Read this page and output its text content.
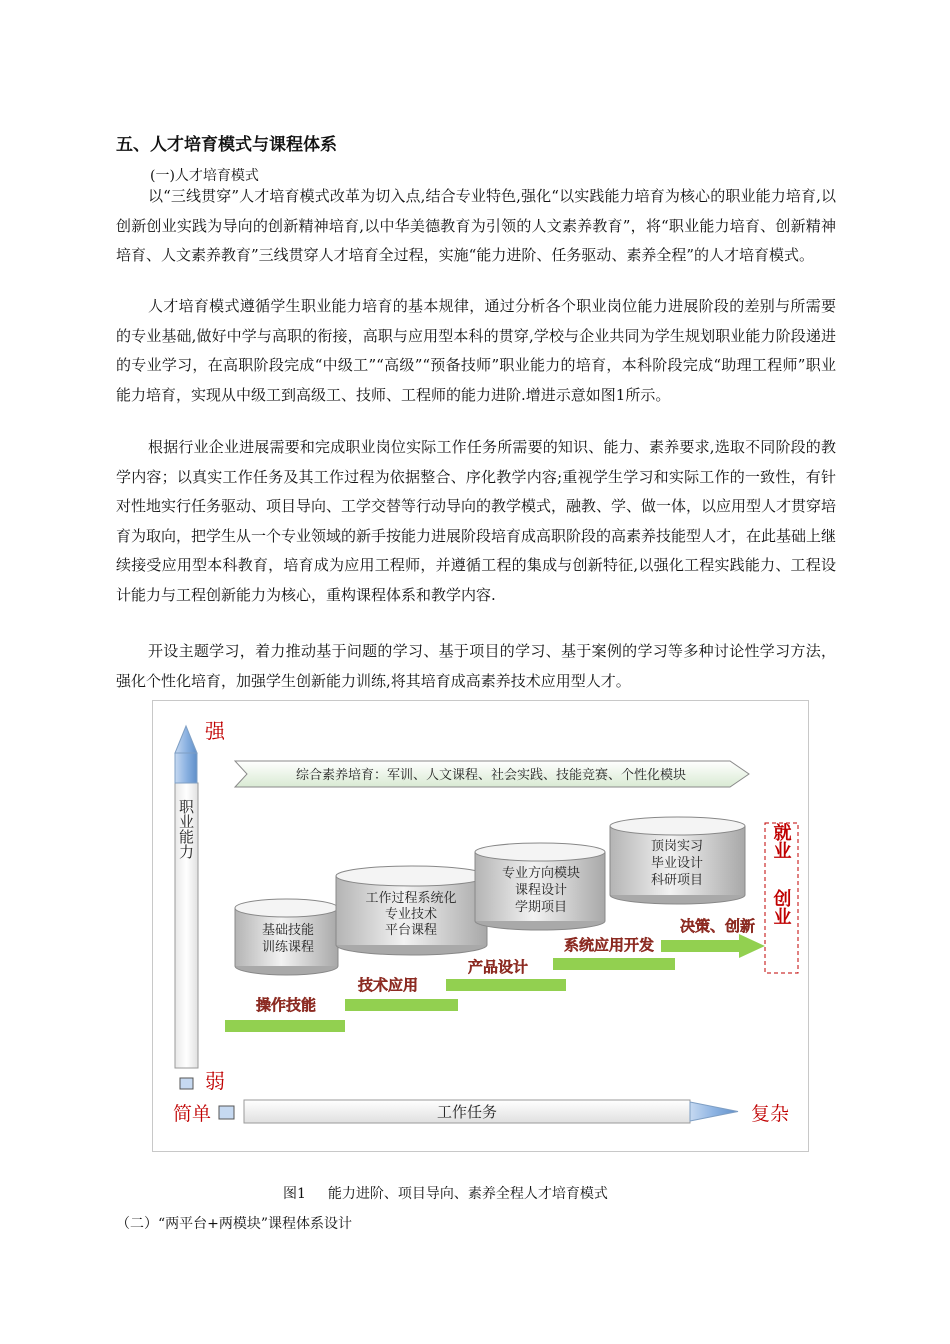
五、人才培育模式与课程体系
(一)人才培育模式

以“三线贯穿”人才培育模式改革为切入点,结合专业特色,强化“以实践能力培育为核心的职业能力培育,以创新创业实践为导向的创新精神培育,以中华美德教育为引领的人文素养教育”，将“职业能力培育、创新精神培育、人文素养教育”三线贯穿人才培育全过程，实施“能力进阶、任务驱动、素养全程”的人才培育模式。

人才培育模式遵循学生职业能力培育的基本规律，通过分析各个职业岗位能力进展阶段的差别与所需要的专业基础,做好中学与高职的衔接，高职与应用型本科的贯穿,学校与企业共同为学生规划职业能力阶段递进的专业学习，在高职阶段完成“中级工”“高级”“预备技师”职业能力的培育，本科阶段完成“助理工程师”职业能力培育，实现从中级工到高级工、技师、工程师的能力进阶.增进示意如图1所示。

根据行业企业进展需要和完成职业岗位实际工作任务所需要的知识、能力、素养要求,选取不同阶段的教学内容；以真实工作任务及其工作过程为依据整合、序化教学内容;重视学生学习和实际工作的一致性，有针对性地实行任务驱动、项目导向、工学交替等行动导向的教学模式，融教、学、做一体，以应用型人才贯穿培育为取向，把学生从一个专业领域的新手按能力进展阶段培育成高职阶段的高素养技能型人才，在此基础上继续接受应用型本科教育，培育成为应用工程师，并遵循工程的集成与创新特征,以强化工程实践能力、工程设计能力与工程创新能力为核心，重构课程体系和教学内容.

开设主题学习，着力推动基于问题的学习、基于项目的学习、基于案例的学习等多种讨论性学习方法，强化个性化培育，加强学生创新能力训练,将其培育成高素养技术应用型人才。

职业能力
强
弱
简单	工作任务	复杂
综合素养培育：军训、人文课程、社会实践、技能竞赛、个性化模块
基础技能
训练课程
工作过程系统化
专业技术
平台课程
专业方向模块
课程设计
学期项目
顶岗实习
毕业设计
科研项目
操作技能
技术应用
产品设计
系统应用开发
决策、创新
就业
创业
图1 能力进阶、项目导向、素养全程人才培育模式
（二）“两平台+两模块”课程体系设计
